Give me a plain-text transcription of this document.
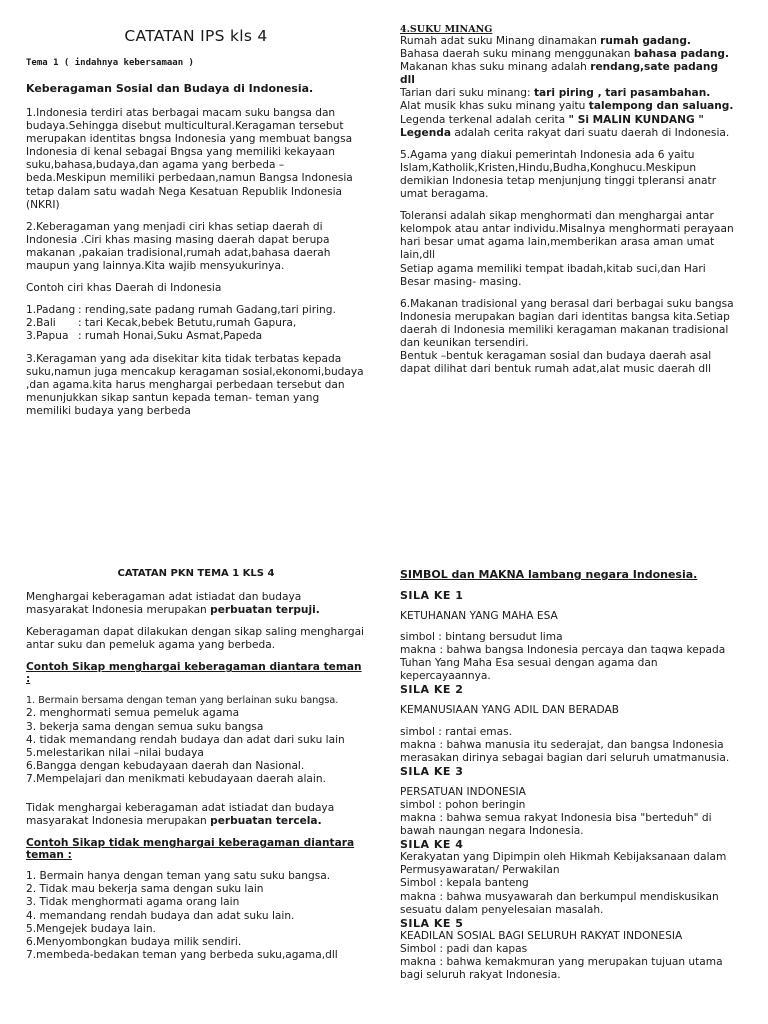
CATATAN IPS kls 4

Tema 1 ( indahnya kebersamaan )

Keberagaman Sosial dan Budaya di Indonesia.

1.Indonesia terdiri atas berbagai macam suku bangsa dan budaya.Sehingga disebut multicultural.Keragaman tersebut merupakan identitas bngsa Indonesia yang membuat bangsa Indonesia di kenal sebagai Bngsa yang memiliki kekayaan suku,bahasa,budaya,dan agama yang berbeda – beda.Meskipun memiliki perbedaan,namun Bangsa Indonesia tetap dalam satu wadah Nega Kesatuan Republik Indonesia (NKRI)

2.Keberagaman yang menjadi ciri khas setiap daerah di Indonesia .Ciri khas masing masing daerah dapat berupa makanan ,pakaian tradisional,rumah adat,bahasa daerah maupun yang lainnya.Kita wajib mensyukurinya.

Contoh ciri khas Daerah di Indonesia

1.Padang : rending,sate padang rumah Gadang,tari piring.
2.Bali	: tari Kecak,bebek Betutu,rumah Gapura,
3.Papua : rumah Honai,Suku Asmat,Papeda

3.Keragaman yang ada disekitar kita tidak terbatas kepada suku,namun juga mencakup keragaman sosial,ekonomi,budaya ,dan agama.kita harus menghargai perbedaan tersebut dan menunjukkan sikap santun kepada teman- teman yang memiliki budaya yang berbeda

4.SUKU MINANG

Rumah adat suku Minang dinamakan rumah gadang.

Bahasa daerah suku minang menggunakan bahasa padang.

Makanan khas suku minang adalah rendang,sate padang dll

Tarian dari suku minang: tari piring , tari pasambahan.

Alat musik khas suku minang yaitu talempong dan saluang.

Legenda terkenal adalah cerita " Si MALIN KUNDANG "

Legenda adalah cerita rakyat dari suatu daerah di Indonesia.

5.Agama yang diakui pemerintah Indonesia ada 6 yaitu Islam,Katholik,Kristen,Hindu,Budha,Konghucu.Meskipun demikian Indonesia tetap menjunjung tinggi tpleransi anatr umat beragama.

Toleransi adalah sikap menghormati dan menghargai antar kelompok atau antar individu.Misalnya menghormati perayaan hari besar umat agama lain,memberikan arasa aman umat lain,dll

Setiap agama memiliki tempat ibadah,kitab suci,dan Hari Besar masing- masing.

6.Makanan tradisional yang berasal dari berbagai suku bangsa Indonesia merupakan bagian dari identitas bangsa kita.Setiap daerah di Indonesia memiliki keragaman makanan tradisional dan keunikan tersendiri.

Bentuk –bentuk keragaman sosial dan budaya daerah asal dapat dilihat dari bentuk rumah adat,alat music daerah dll

CATATAN PKN TEMA 1 KLS 4

Menghargai keberagaman adat istiadat dan budaya masyarakat Indonesia merupakan perbuatan terpuji.

Keberagaman dapat dilakukan dengan sikap saling menghargai antar suku dan pemeluk agama yang berbeda.

Contoh Sikap menghargai keberagaman diantara teman :

1. Bermain bersama dengan teman yang berlainan suku bangsa.

2. menghormati semua pemeluk agama

3. bekerja sama dengan semua suku bangsa

4. tidak memandang rendah budaya dan adat dari suku lain

5.melestarikan nilai –nilai budaya

6.Bangga dengan kebudayaan daerah dan Nasional.

7.Mempelajari dan menikmati kebudayaan daerah alain.

Tidak menghargai keberagaman adat istiadat dan budaya masyarakat Indonesia merupakan perbuatan tercela.

Contoh Sikap tidak menghargai keberagaman diantara teman :

1. Bermain hanya dengan teman yang satu suku bangsa.

2. Tidak mau bekerja sama dengan suku lain

3. Tidak menghormati agama orang lain

4. memandang rendah budaya dan adat suku lain.

5.Mengejek budaya lain.

6.Menyombongkan budaya milik sendiri.

7.membeda-bedakan teman yang berbeda suku,agama,dll

SIMBOL dan MAKNA lambang negara Indonesia.

SILA KE 1

KETUHANAN YANG MAHA ESA

simbol : bintang bersudut lima

makna : bahwa bangsa Indonesia percaya dan taqwa kepada Tuhan Yang Maha Esa sesuai dengan agama dan kepercayaannya.

SILA KE 2

KEMANUSIAAN YANG ADIL DAN BERADAB

simbol : rantai emas.

makna : bahwa manusia itu sederajat, dan bangsa Indonesia merasakan dirinya sebagai bagian dari seluruh umatmanusia.

SILA KE 3

PERSATUAN INDONESIA

simbol : pohon beringin

makna : bahwa semua rakyat Indonesia bisa "berteduh" di bawah naungan negara Indonesia.

SILA KE 4

Kerakyatan yang Dipimpin oleh Hikmah Kebijaksanaan dalam Permusyawaratan/ Perwakilan

Simbol : kepala banteng

makna : bahwa musyawarah dan berkumpul mendiskusikan sesuatu dalam penyelesaian masalah.

SILA KE 5

KEADILAN SOSIAL BAGI SELURUH RAKYAT INDONESIA

Simbol : padi dan kapas

makna : bahwa kemakmuran yang merupakan tujuan utama bagi seluruh rakyat Indonesia.
